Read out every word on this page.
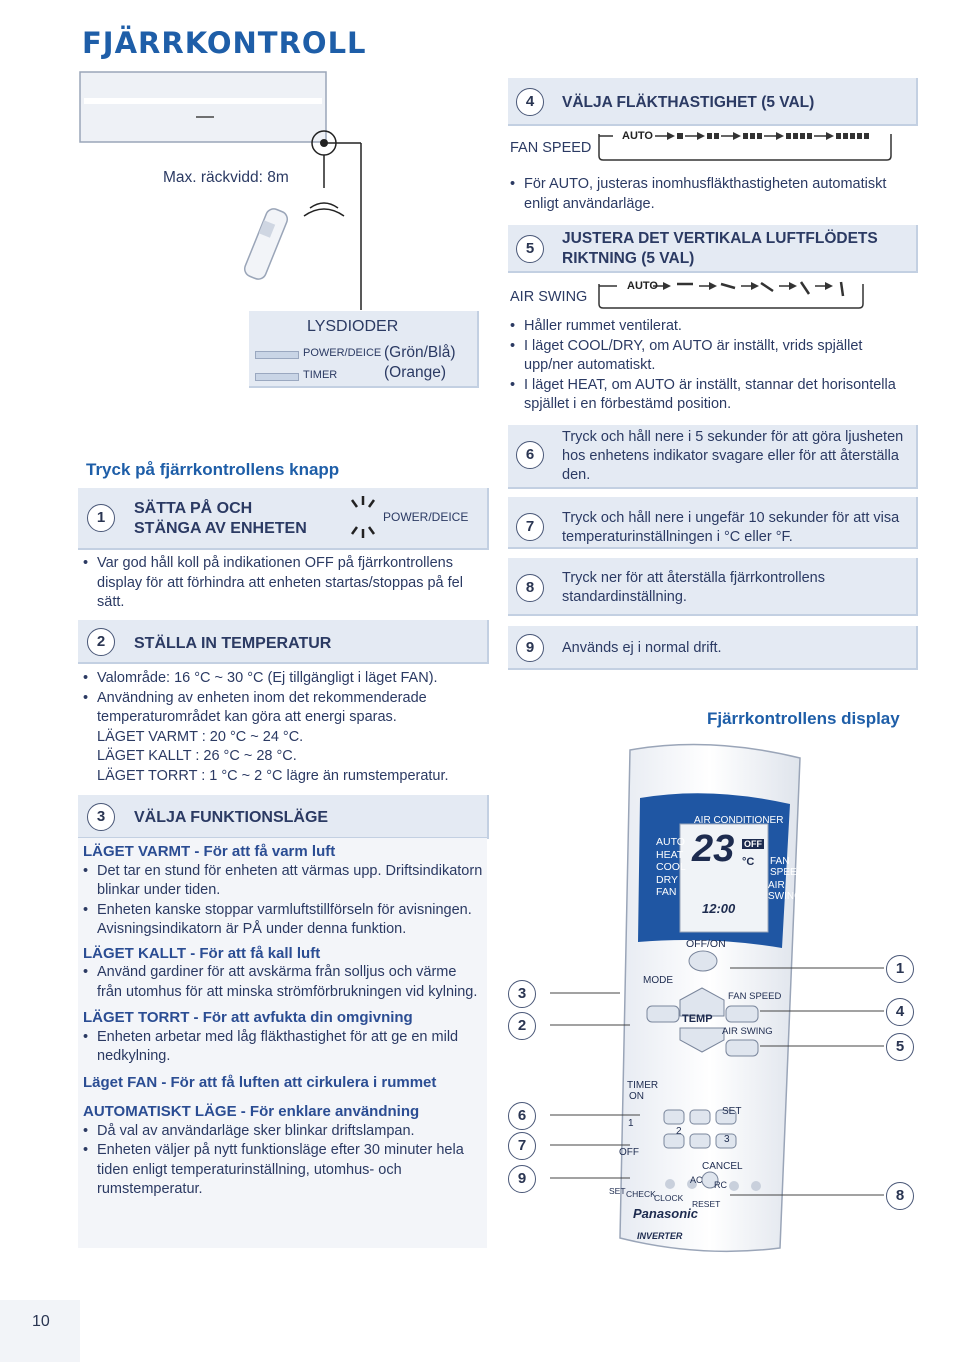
FJÄRRKONTROLL
Max. räckvidd: 8m
LYSDIODER
POWER/DEICE (Grön/Blå)
TIMER	(Orange)
Tryck på fjärrkontrollens knapp
1
SÄTTA PÅ OCH
STÄNGA AV ENHETEN
POWER/DEICE
• Var god håll koll på indikationen OFF på fjärrkontrollens display för att förhindra att enheten startas/stoppas på fel sätt.
2	STÄLLA IN TEMPERATUR
• Valområde: 16 °C ~ 30 °C (Ej tillgängligt i läget FAN).
• Användning av enheten inom det rekommenderade temperaturområdet kan göra att energi sparas.
LÄGET VARMT : 20 °C ~ 24 °C.
LÄGET KALLT : 26 °C ~ 28 °C.
LÄGET TORRT : 1 °C ~ 2 °C lägre än rumstemperatur.
3	VÄLJA FUNKTIONSLÄGE
LÄGET VARMT - För att få varm luft
• Det tar en stund för enheten att värmas upp. Driftsindikatorn blinkar under tiden.
• Enheten kanske stoppar varmluftstillförseln för avisningen. Avisningsindikatorn är PÅ under denna funktion.
LÄGET KALLT - För att få kall luft
• Använd gardiner för att avskärma från solljus och värme från utomhus för att minska strömförbrukningen vid kylning.
LÄGET TORRT - För att avfukta din omgivning
• Enheten arbetar med låg fläkthastighet för att ge en mild nedkylning.
Läget FAN - För att få luften att cirkulera i rummet
AUTOMATISKT LÄGE - För enklare användning
• Då val av användarläge sker blinkar driftslampan.
• Enheten väljer på nytt funktionsläge efter 30 minuter hela tiden enligt temperaturinställning, utomhus- och rumstemperatur.
4	VÄLJA FLÄKTHASTIGHET (5 VAL)
FAN SPEED
AUTO
• För AUTO, justeras inomhusfläkthastigheten automatiskt enligt användarläge.
5
JUSTERA DET VERTIKALA LUFTFLÖDETS
RIKTNING (5 VAL)
AIR SWING
AUTO
• Håller rummet ventilerat.
• I läget COOL/DRY, om AUTO är inställt, vrids spjället upp/ner automatiskt.
• I läget HEAT, om AUTO är inställt, stannar det horisontella spjället i en förbestämd position.
6
Tryck och håll nere i 5 sekunder för att göra ljusheten hos enhetens indikator svagare eller för att återställa den.
7	Tryck och håll nere i ungefär 10 sekunder för att visa temperaturinställningen i °C eller °F.
8
Tryck ner för att återställa fjärrkontrollens standardinställning.
9	Används ej i normal drift.
Fjärrkontrollens display
AIR CONDITIONER
AUTO
HEAT
COOL
DRY
FAN
23 °C
OFF
FAN SPEED
AIR SWING
12:00
OFF/ON
MODE
FAN SPEED
TEMP
AIR SWING
TIMER
ON
1
2
SET
3
OFF
CANCEL
AC RC
SET CHECK
CLOCK
RESET
Panasonic
INVERTER
3
2
6
7
9
1
4
5
8
10
